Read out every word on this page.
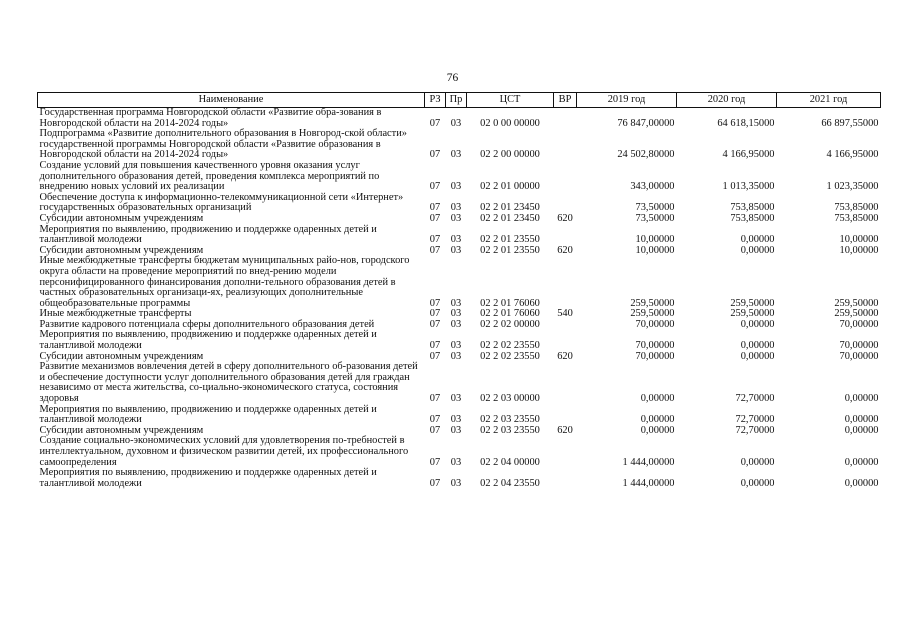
76
Наименование	РЗ	Пр	ЦСТ	ВР	2019 год	2020 год	2021 год
Государственная программа Новгородской области «Развитие обра-зования в Новгородской области на 2014-2024 годы»	07	03	02 0 00 00000		76 847,00000	64 618,15000	66 897,55000
Подпрограмма «Развитие дополнительного образования в Новгород-ской области» государственной программы Новгородской области «Развитие образования в Новгородской области на 2014-2024 годы»	07	03	02 2 00 00000		24 502,80000	4 166,95000	4 166,95000
Создание условий для повышения качественного уровня оказания услуг дополнительного образования детей, проведения комплекса мероприятий по внедрению новых условий их реализации	07	03	02 2 01 00000		343,00000	1 013,35000	1 023,35000
Обеспечение доступа к информационно-телекоммуникационной сети «Интернет» государственных образовательных организаций	07	03	02 2 01 23450		73,50000	753,85000	753,85000
Субсидии автономным учреждениям	07	03	02 2 01 23450	620	73,50000	753,85000	753,85000
Мероприятия по выявлению, продвижению и поддержке одаренных детей и талантливой молодежи	07	03	02 2 01 23550		10,00000	0,00000	10,00000
Субсидии автономным учреждениям	07	03	02 2 01 23550	620	10,00000	0,00000	10,00000
Иные межбюджетные трансферты бюджетам муниципальных райо-нов, городского округа области на проведение мероприятий по внед-рению модели персонифицированного финансирования дополни-тельного образования детей в частных образовательных организаци-ях, реализующих дополнительные общеобразовательные программы	07	03	02 2 01 76060		259,50000	259,50000	259,50000
Иные межбюджетные трансферты	07	03	02 2 01 76060	540	259,50000	259,50000	259,50000
Развитие кадрового потенциала сферы дополнительного образования детей	07	03	02 2 02 00000		70,00000	0,00000	70,00000
Мероприятия по выявлению, продвижению и поддержке одаренных детей и талантливой молодежи	07	03	02 2 02 23550		70,00000	0,00000	70,00000
Субсидии автономным учреждениям	07	03	02 2 02 23550	620	70,00000	0,00000	70,00000
Развитие механизмов вовлечения детей в сферу дополнительного об-разования детей и обеспечение доступности услуг дополнительного образования детей для граждан независимо от места жительства, со-циально-экономического статуса, состояния здоровья	07	03	02 2 03 00000		0,00000	72,70000	0,00000
Мероприятия по выявлению, продвижению и поддержке одаренных детей и талантливой молодежи	07	03	02 2 03 23550		0,00000	72,70000	0,00000
Субсидии автономным учреждениям	07	03	02 2 03 23550	620	0,00000	72,70000	0,00000
Создание социально-экономических условий для удовлетворения по-требностей в интеллектуальном, духовном и физическом развитии детей, их профессионального самоопределения	07	03	02 2 04 00000		1 444,00000	0,00000	0,00000
Мероприятия по выявлению, продвижению и поддержке одаренных детей и талантливой молодежи	07	03	02 2 04 23550		1 444,00000	0,00000	0,00000
